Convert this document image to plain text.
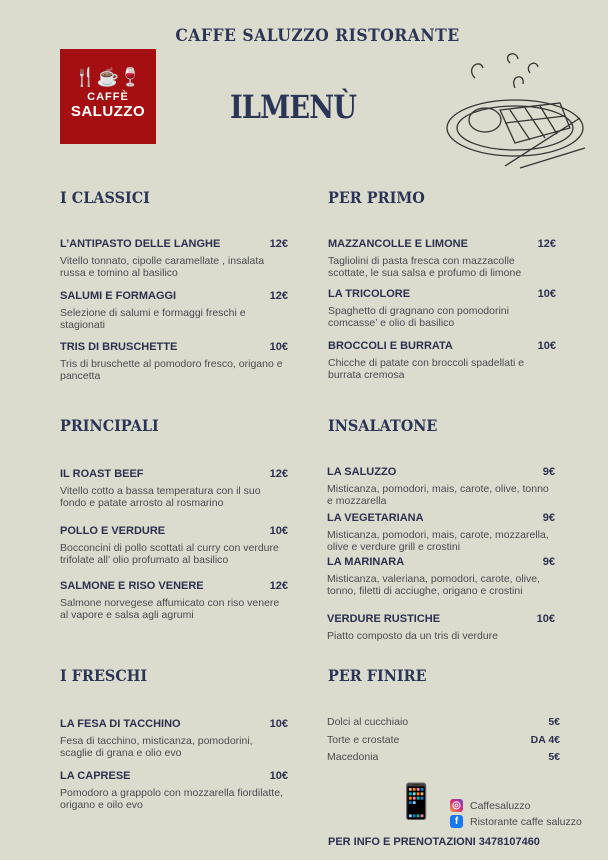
CAFFE SALUZZO RISTORANTE
🍴☕🍷
CAFFÈ
SALUZZO	ILMENÙ
I CLASSICI
PRINCIPALI
I FRESCHI
PER PRIMO
INSALATONE
PER FINIRE
L’ANTIPASTO DELLE LANGHE	12€
Vitello tonnato, cipolle caramellate , insalata russa e tomino al basilico
SALUMI E FORMAGGI	12€
Selezione di salumi e formaggi freschi e stagionati
TRIS DI BRUSCHETTE	10€
Tris di bruschette al pomodoro fresco, origano e pancetta
MAZZANCOLLE E LIMONE	12€
Tagliolini di pasta fresca con mazzacolle scottate, le sua salsa e profumo di limone
LA TRICOLORE	10€
Spaghetto di gragnano con pomodorini comcasse’ e olio di basilico
BROCCOLI E BURRATA	10€
Chicche di patate con broccoli spadellati e burrata cremosa
IL ROAST BEEF	12€
Vitello cotto a bassa temperatura con il suo fondo e patate arrosto al rosmarino
POLLO E VERDURE	10€
Bocconcini di pollo scottati al curry con verdure trifolate all’ olio profumato al basilico
SALMONE E RISO VENERE	12€
Salmone norvegese affumicato con riso venere al vapore e salsa agli agrumi
LA SALUZZO	9€
Misticanza, pomodori, mais, carote, olive, tonno e mozzarella
LA VEGETARIANA	9€
Misticanza, pomodori, mais, carote, mozzarella, olive e verdure grill e crostini
LA MARINARA	9€
Misticanza, valeriana, pomodori, carote, olive, tonno, filetti di acciughe, origano e crostini
VERDURE RUSTICHE	10€
Piatto composto da un tris di verdure
LA FESA DI TACCHINO	10€
Fesa di tacchino, misticanza, pomodorini, scaglie di grana e olio evo
LA CAPRESE	10€
Pomodoro a grappolo con mozzarella fiordilatte, origano e oilo evo
Dolci al cucchiaio	5€
Torte e crostate	DA 4€
Macedonia	5€
📱 ◎ Caffesaluzzo
f	Ristorante caffe saluzzo
PER INFO E PRENOTAZIONI 3478107460
